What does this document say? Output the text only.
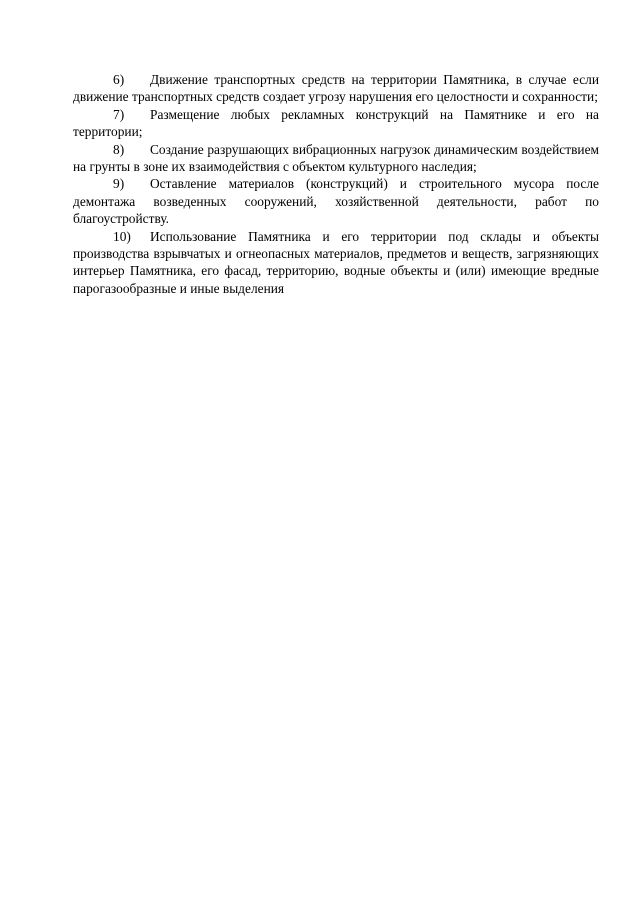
6) Движение транспортных средств на территории Памятника, в случае если движение транспортных средств создает угрозу нарушения его целостности и сохранности;

7) Размещение любых рекламных конструкций на Памятнике и его на территории;

8) Создание разрушающих вибрационных нагрузок динамическим воздействием на грунты в зоне их взаимодействия с объектом культурного наследия;

9) Оставление материалов (конструкций) и строительного мусора после демонтажа возведенных сооружений, хозяйственной деятельности, работ по благоустройству.

10) Использование Памятника и его территории под склады и объекты производства взрывчатых и огнеопасных материалов, предметов и веществ, загрязняющих интерьер Памятника, его фасад, территорию, водные объекты и (или) имеющие вредные парогазообразные и иные выделения
